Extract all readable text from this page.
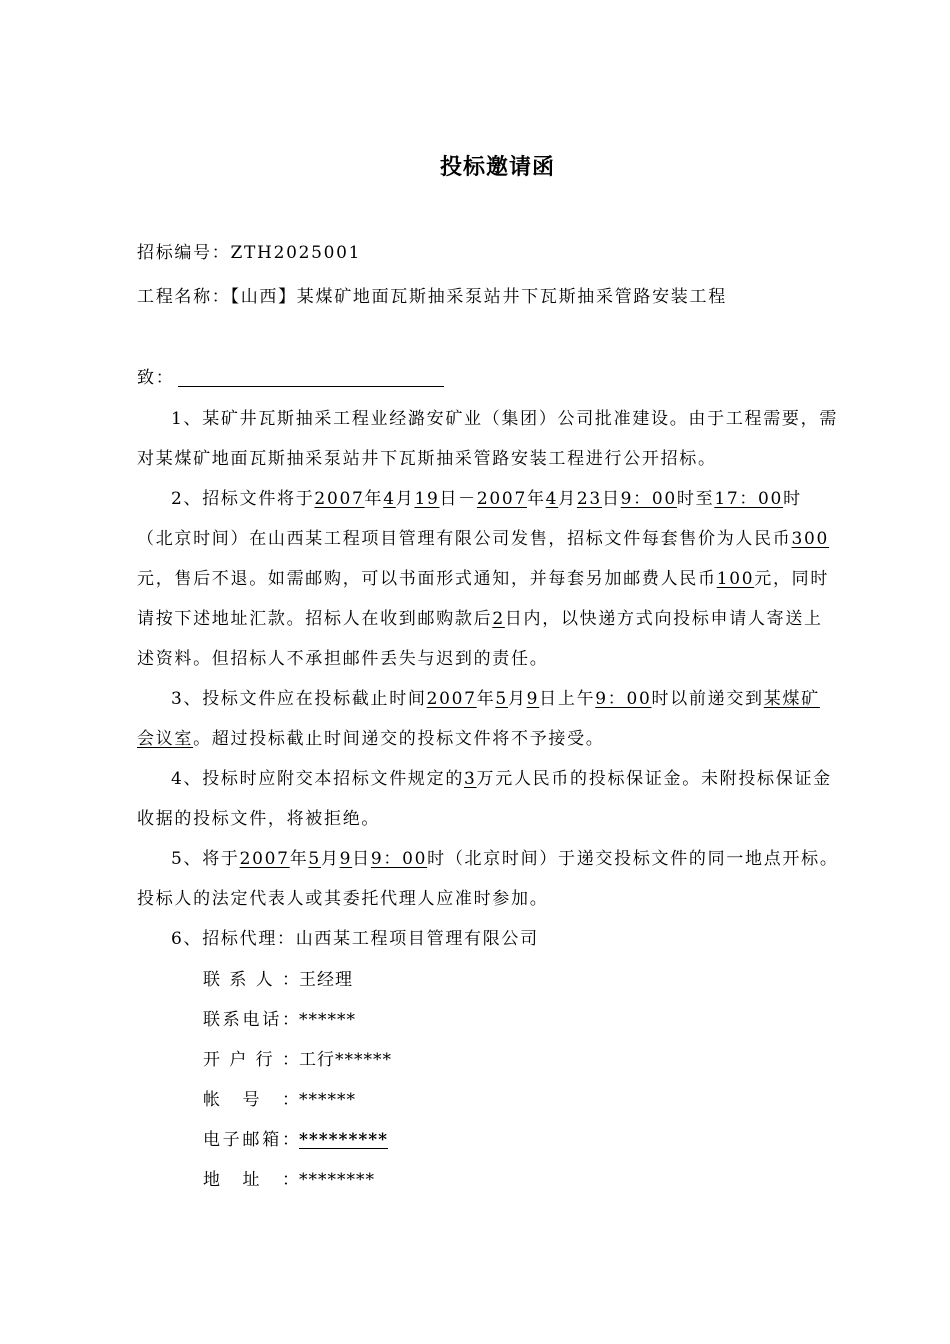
投标邀请函
招标编号：ZTH2025001
工程名称：【山西】某煤矿地面瓦斯抽采泵站井下瓦斯抽采管路安装工程
致：
1、某矿井瓦斯抽采工程业经潞安矿业（集团）公司批准建设。由于工程需要，需
对某煤矿地面瓦斯抽采泵站井下瓦斯抽采管路安装工程进行公开招标。
2、招标文件将于2007年4月19日－2007年4月23日9：00时至17：00时
（北京时间）在山西某工程项目管理有限公司发售，招标文件每套售价为人民币300
元，售后不退。如需邮购，可以书面形式通知，并每套另加邮费人民币100元，同时
请按下述地址汇款。招标人在收到邮购款后2日内，以快递方式向投标申请人寄送上
述资料。但招标人不承担邮件丢失与迟到的责任。
3、投标文件应在投标截止时间2007年5月9日上午9：00时以前递交到某煤矿
会议室。超过投标截止时间递交的投标文件将不予接受。
4、投标时应附交本招标文件规定的3万元人民币的投标保证金。未附投标保证金
收据的投标文件，将被拒绝。
5、将于2007年5月9日9：00时（北京时间）于递交投标文件的同一地点开标。
投标人的法定代表人或其委托代理人应准时参加。
6、招标代理：山西某工程项目管理有限公司
联系人：王经理
联系电话：******
开户行：工行******
帐号：******
电子邮箱：*********
地址：********
